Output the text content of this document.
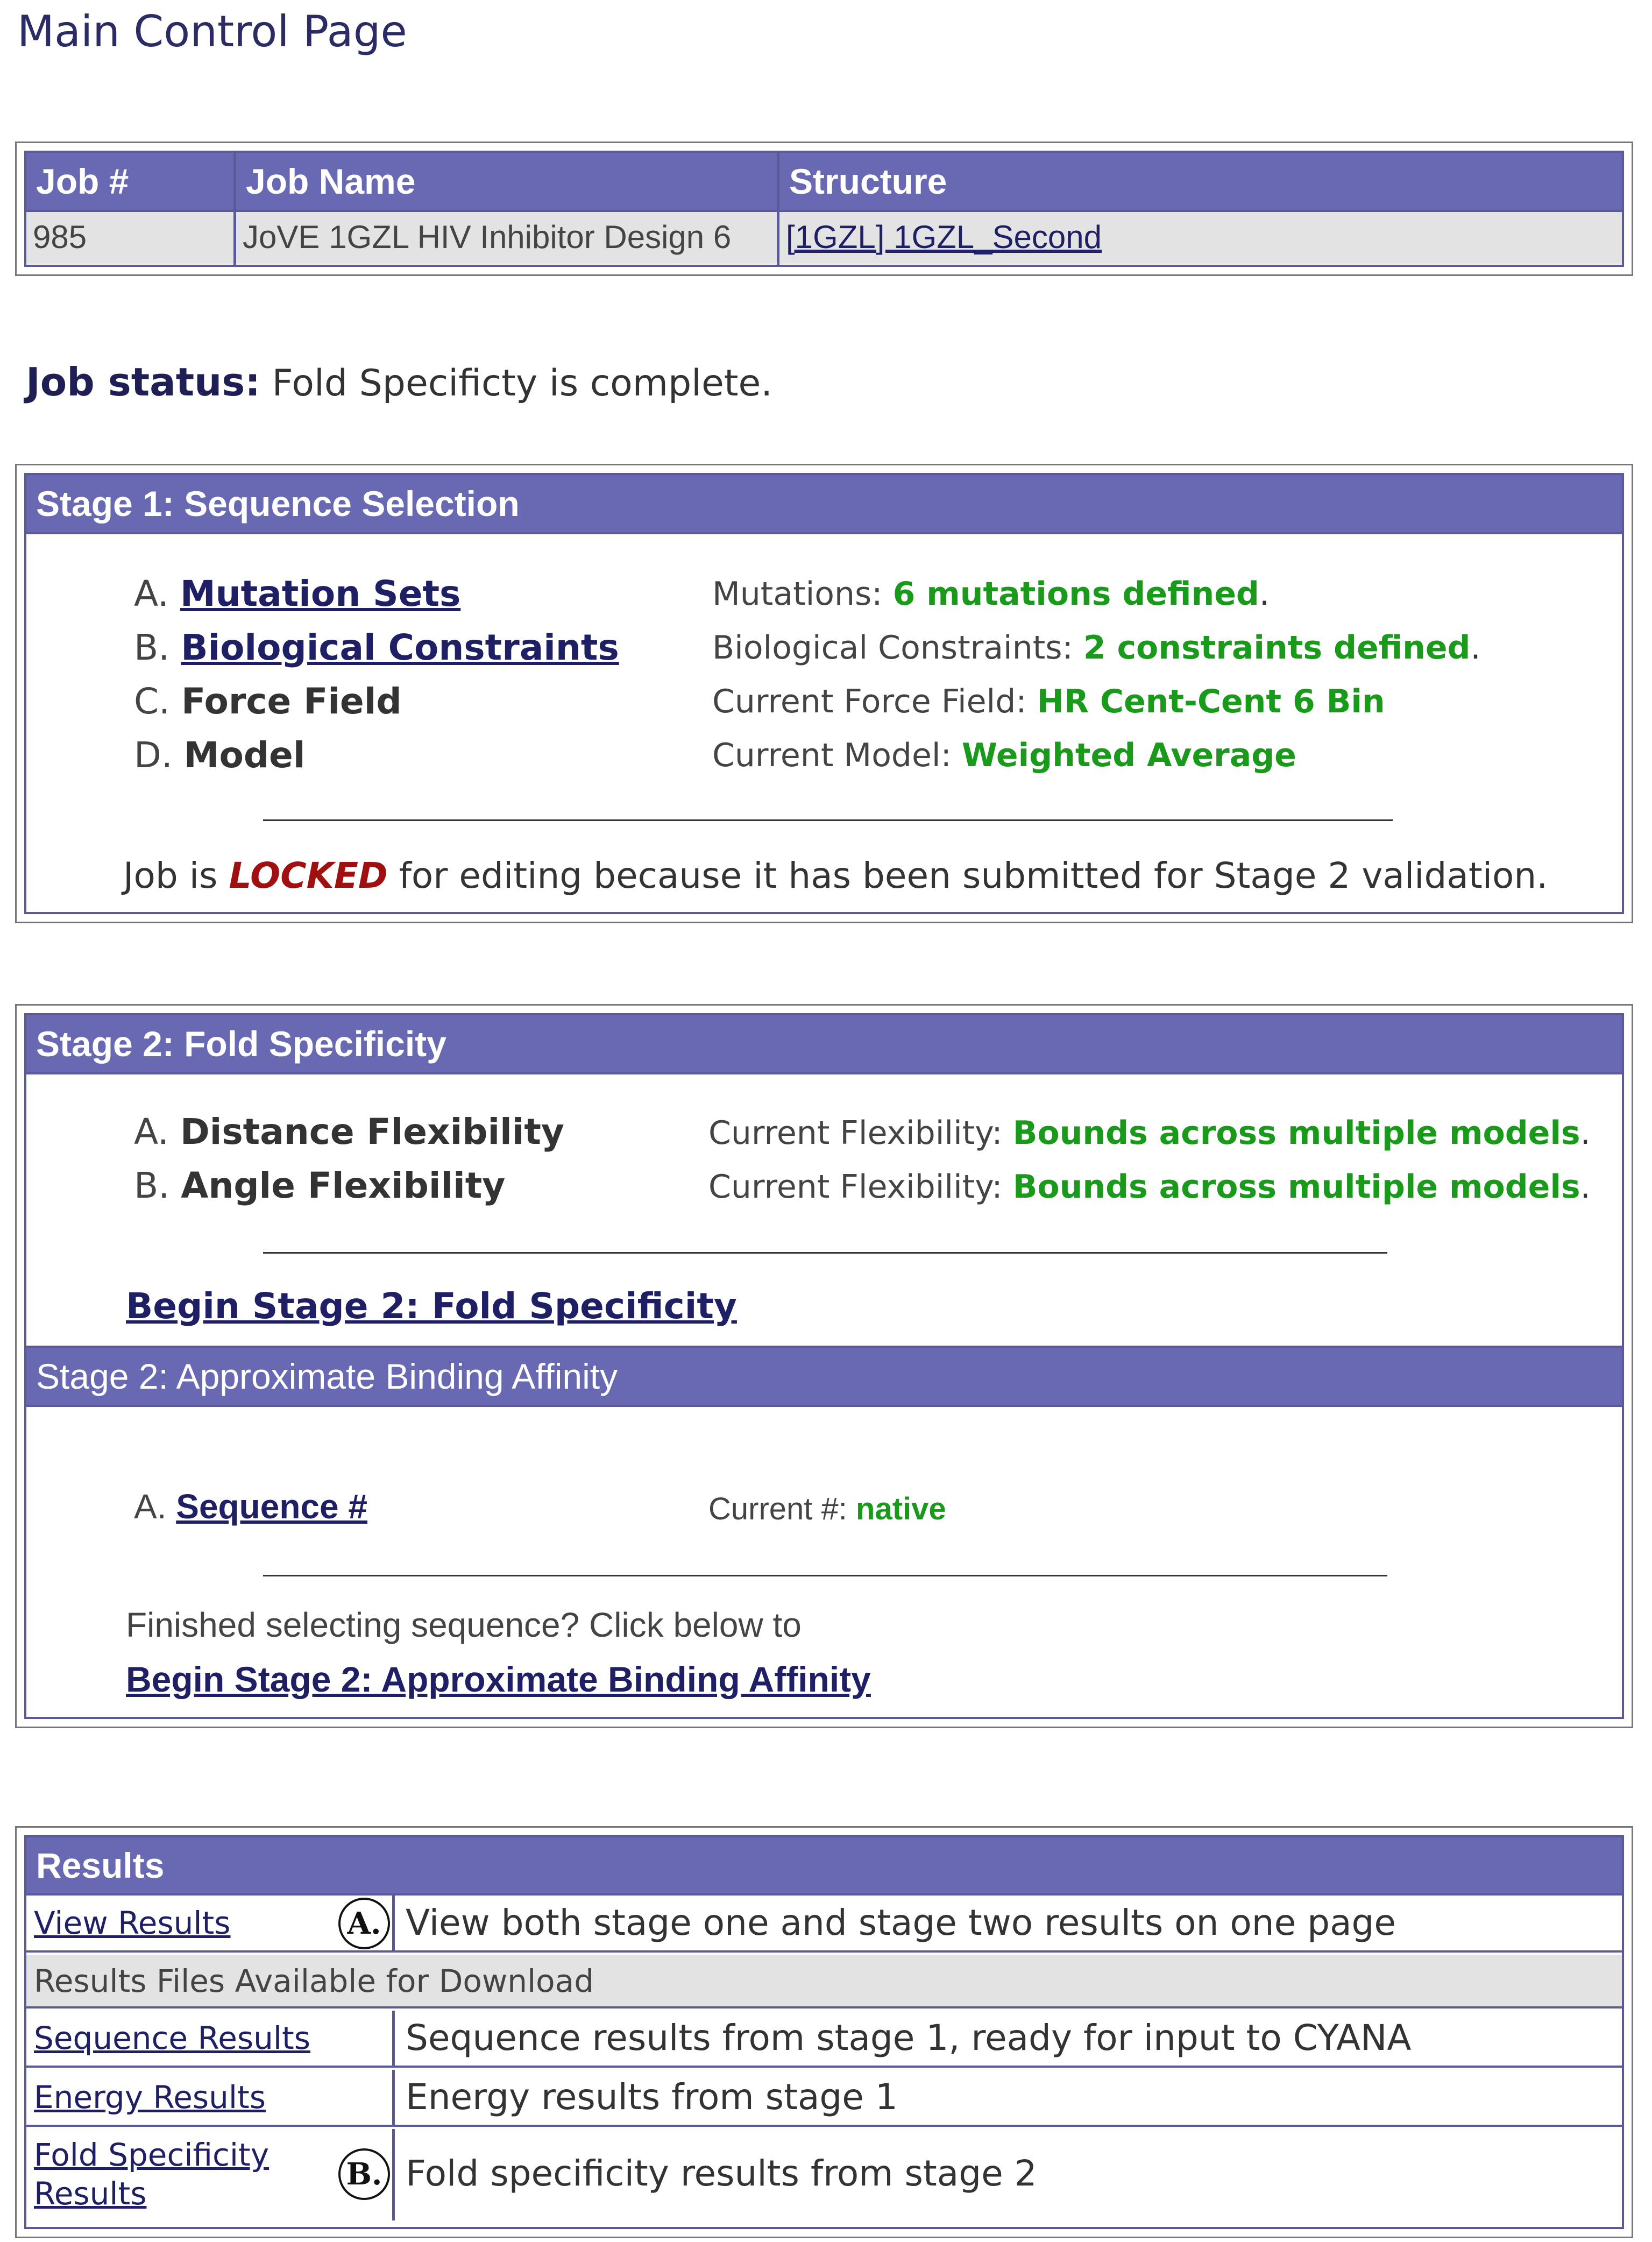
Main Control Page
Job #	Job Name	Structure
985	JoVE 1GZL HIV Inhibitor Design 6	[1GZL] 1GZL_Second
Job status: Fold Specificty is complete.
Stage 1: Sequence Selection
A. Mutation Sets	Mutations: 6 mutations defined.
B. Biological Constraints	Biological Constraints: 2 constraints defined.
C. Force Field	Current Force Field: HR Cent-Cent 6 Bin
D. Model	Current Model: Weighted Average
Job is LOCKED for editing because it has been submitted for Stage 2 validation.
Stage 2: Fold Specificity
A. Distance Flexibility	Current Flexibility: Bounds across multiple models.
B. Angle Flexibility	Current Flexibility: Bounds across multiple models.
Begin Stage 2: Fold Specificity
Stage 2: Approximate Binding Affinity
A. Sequence #	Current #: native
Finished selecting sequence? Click below to
Begin Stage 2: Approximate Binding Affinity
Results
View Results	View both stage one and stage two results on one page
A.
Results Files Available for Download
Sequence Results	Sequence results from stage 1, ready for input to CYANA
Energy Results	Energy results from stage 1
Fold Specificity
Results	Fold specificity results from stage 2
B.
